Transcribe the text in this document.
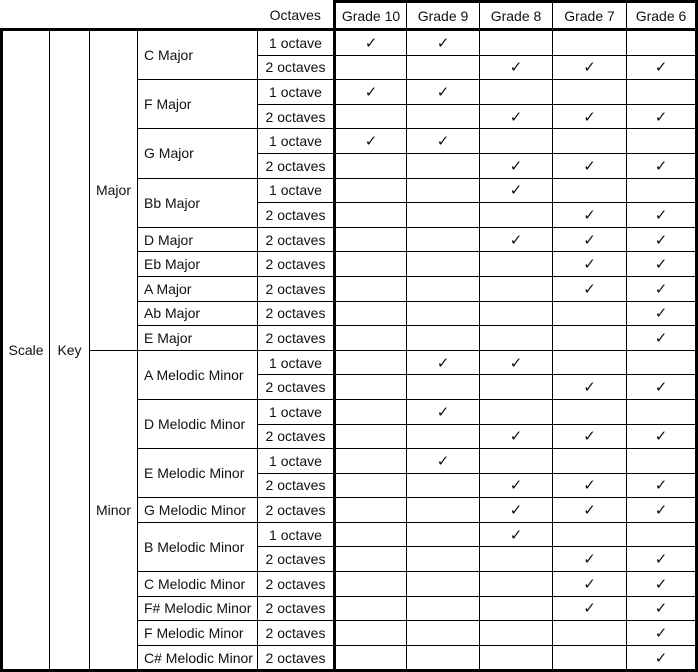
				Octaves	Grade 10	Grade 9	Grade 8	Grade 7	Grade 6
Scale	Key	Major	C Major	1 octave	✓	✓			
				2 octaves			✓	✓	✓
			F Major	1 octave	✓	✓			
				2 octaves			✓	✓	✓
			G Major	1 octave	✓	✓			
				2 octaves			✓	✓	✓
			Bb Major	1 octave			✓		
				2 octaves				✓	✓
			D Major	2 octaves			✓	✓	✓
			Eb Major	2 octaves				✓	✓
			A Major	2 octaves				✓	✓
			Ab Major	2 octaves					✓
			E Major	2 octaves					✓
		Minor	A Melodic Minor	1 octave		✓	✓		
				2 octaves				✓	✓
			D Melodic Minor	1 octave		✓			
				2 octaves			✓	✓	✓
			E Melodic Minor	1 octave		✓			
				2 octaves			✓	✓	✓
			G Melodic Minor	2 octaves			✓	✓	✓
			B Melodic Minor	1 octave			✓		
				2 octaves				✓	✓
			C Melodic Minor	2 octaves				✓	✓
			F# Melodic Minor	2 octaves				✓	✓
			F Melodic Minor	2 octaves					✓
			C# Melodic Minor	2 octaves					✓
